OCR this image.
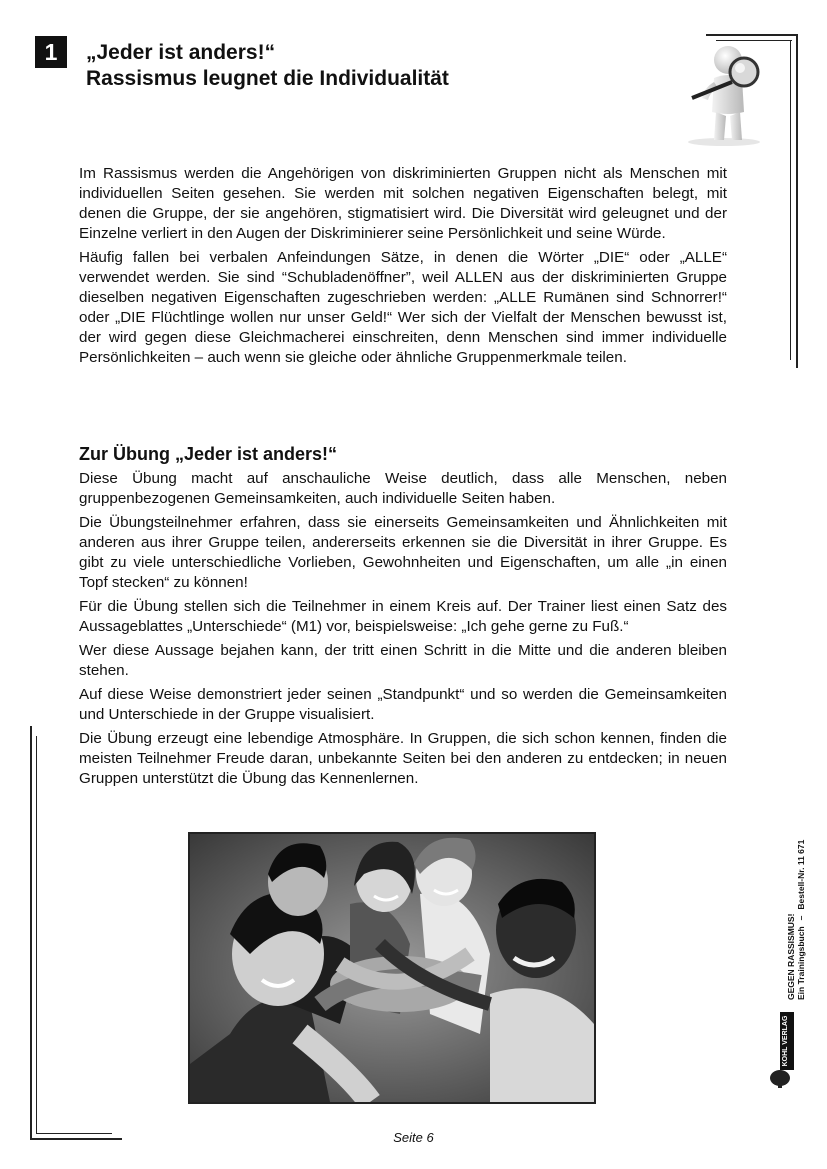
1	„Jeder ist anders!“
Rassismus leugnet die Individualität

Im Rassismus werden die Angehörigen von diskriminierten Gruppen nicht als Menschen mit individuellen Seiten gesehen. Sie werden mit solchen negativen Eigenschaften belegt, mit denen die Gruppe, der sie angehören, stigmatisiert wird. Die Diversität wird geleugnet und der Einzelne verliert in den Augen der Diskriminierer seine Persönlichkeit und seine Würde.

Häufig fallen bei verbalen Anfeindungen Sätze, in denen die Wörter „DIE“ oder „ALLE“ verwendet werden. Sie sind “Schubladenöffner”, weil ALLEN aus der diskriminierten Gruppe dieselben negativen Eigenschaften zugeschrieben werden: „ALLE Rumänen sind Schnorrer!“ oder „DIE Flüchtlinge wollen nur unser Geld!“ Wer sich der Vielfalt der Menschen bewusst ist, der wird gegen diese Gleichmacherei einschreiten, denn Menschen sind immer individuelle Persönlichkeiten – auch wenn sie gleiche oder ähnliche Gruppenmerkmale teilen.

Zur Übung „Jeder ist anders!“

Diese Übung macht auf anschauliche Weise deutlich, dass alle Menschen, neben gruppenbezogenen Gemeinsamkeiten, auch individuelle Seiten haben.

Die Übungsteilnehmer erfahren, dass sie einerseits Gemeinsamkeiten und Ähnlichkeiten mit anderen aus ihrer Gruppe teilen, andererseits erkennen sie die Diversität in ihrer Gruppe. Es gibt zu viele unterschiedliche Vorlieben, Gewohnheiten und Eigenschaften, um alle „in einen Topf stecken“ zu können!

Für die Übung stellen sich die Teilnehmer in einem Kreis auf. Der Trainer liest einen Satz des Aussageblattes „Unterschiede“ (M1) vor, beispielsweise: „Ich gehe gerne zu Fuß.“

Wer diese Aussage bejahen kann, der tritt einen Schritt in die Mitte und die anderen bleiben stehen.

Auf diese Weise demonstriert jeder seinen „Standpunkt“ und so werden die Gemeinsamkeiten und Unterschiede in der Gruppe visualisiert.

Die Übung erzeugt eine lebendige Atmosphäre. In Gruppen, die sich schon kennen, finden die meisten Teilnehmer Freude daran, unbekannte Seiten bei den anderen zu entdecken; in neuen Gruppen unterstützt die Übung das Kennenlernen.

GEGEN RASSISMUS! Ein Trainingsbuch
–
Bestell-Nr. 11 671
KOHL VERLAG
Seite 6
